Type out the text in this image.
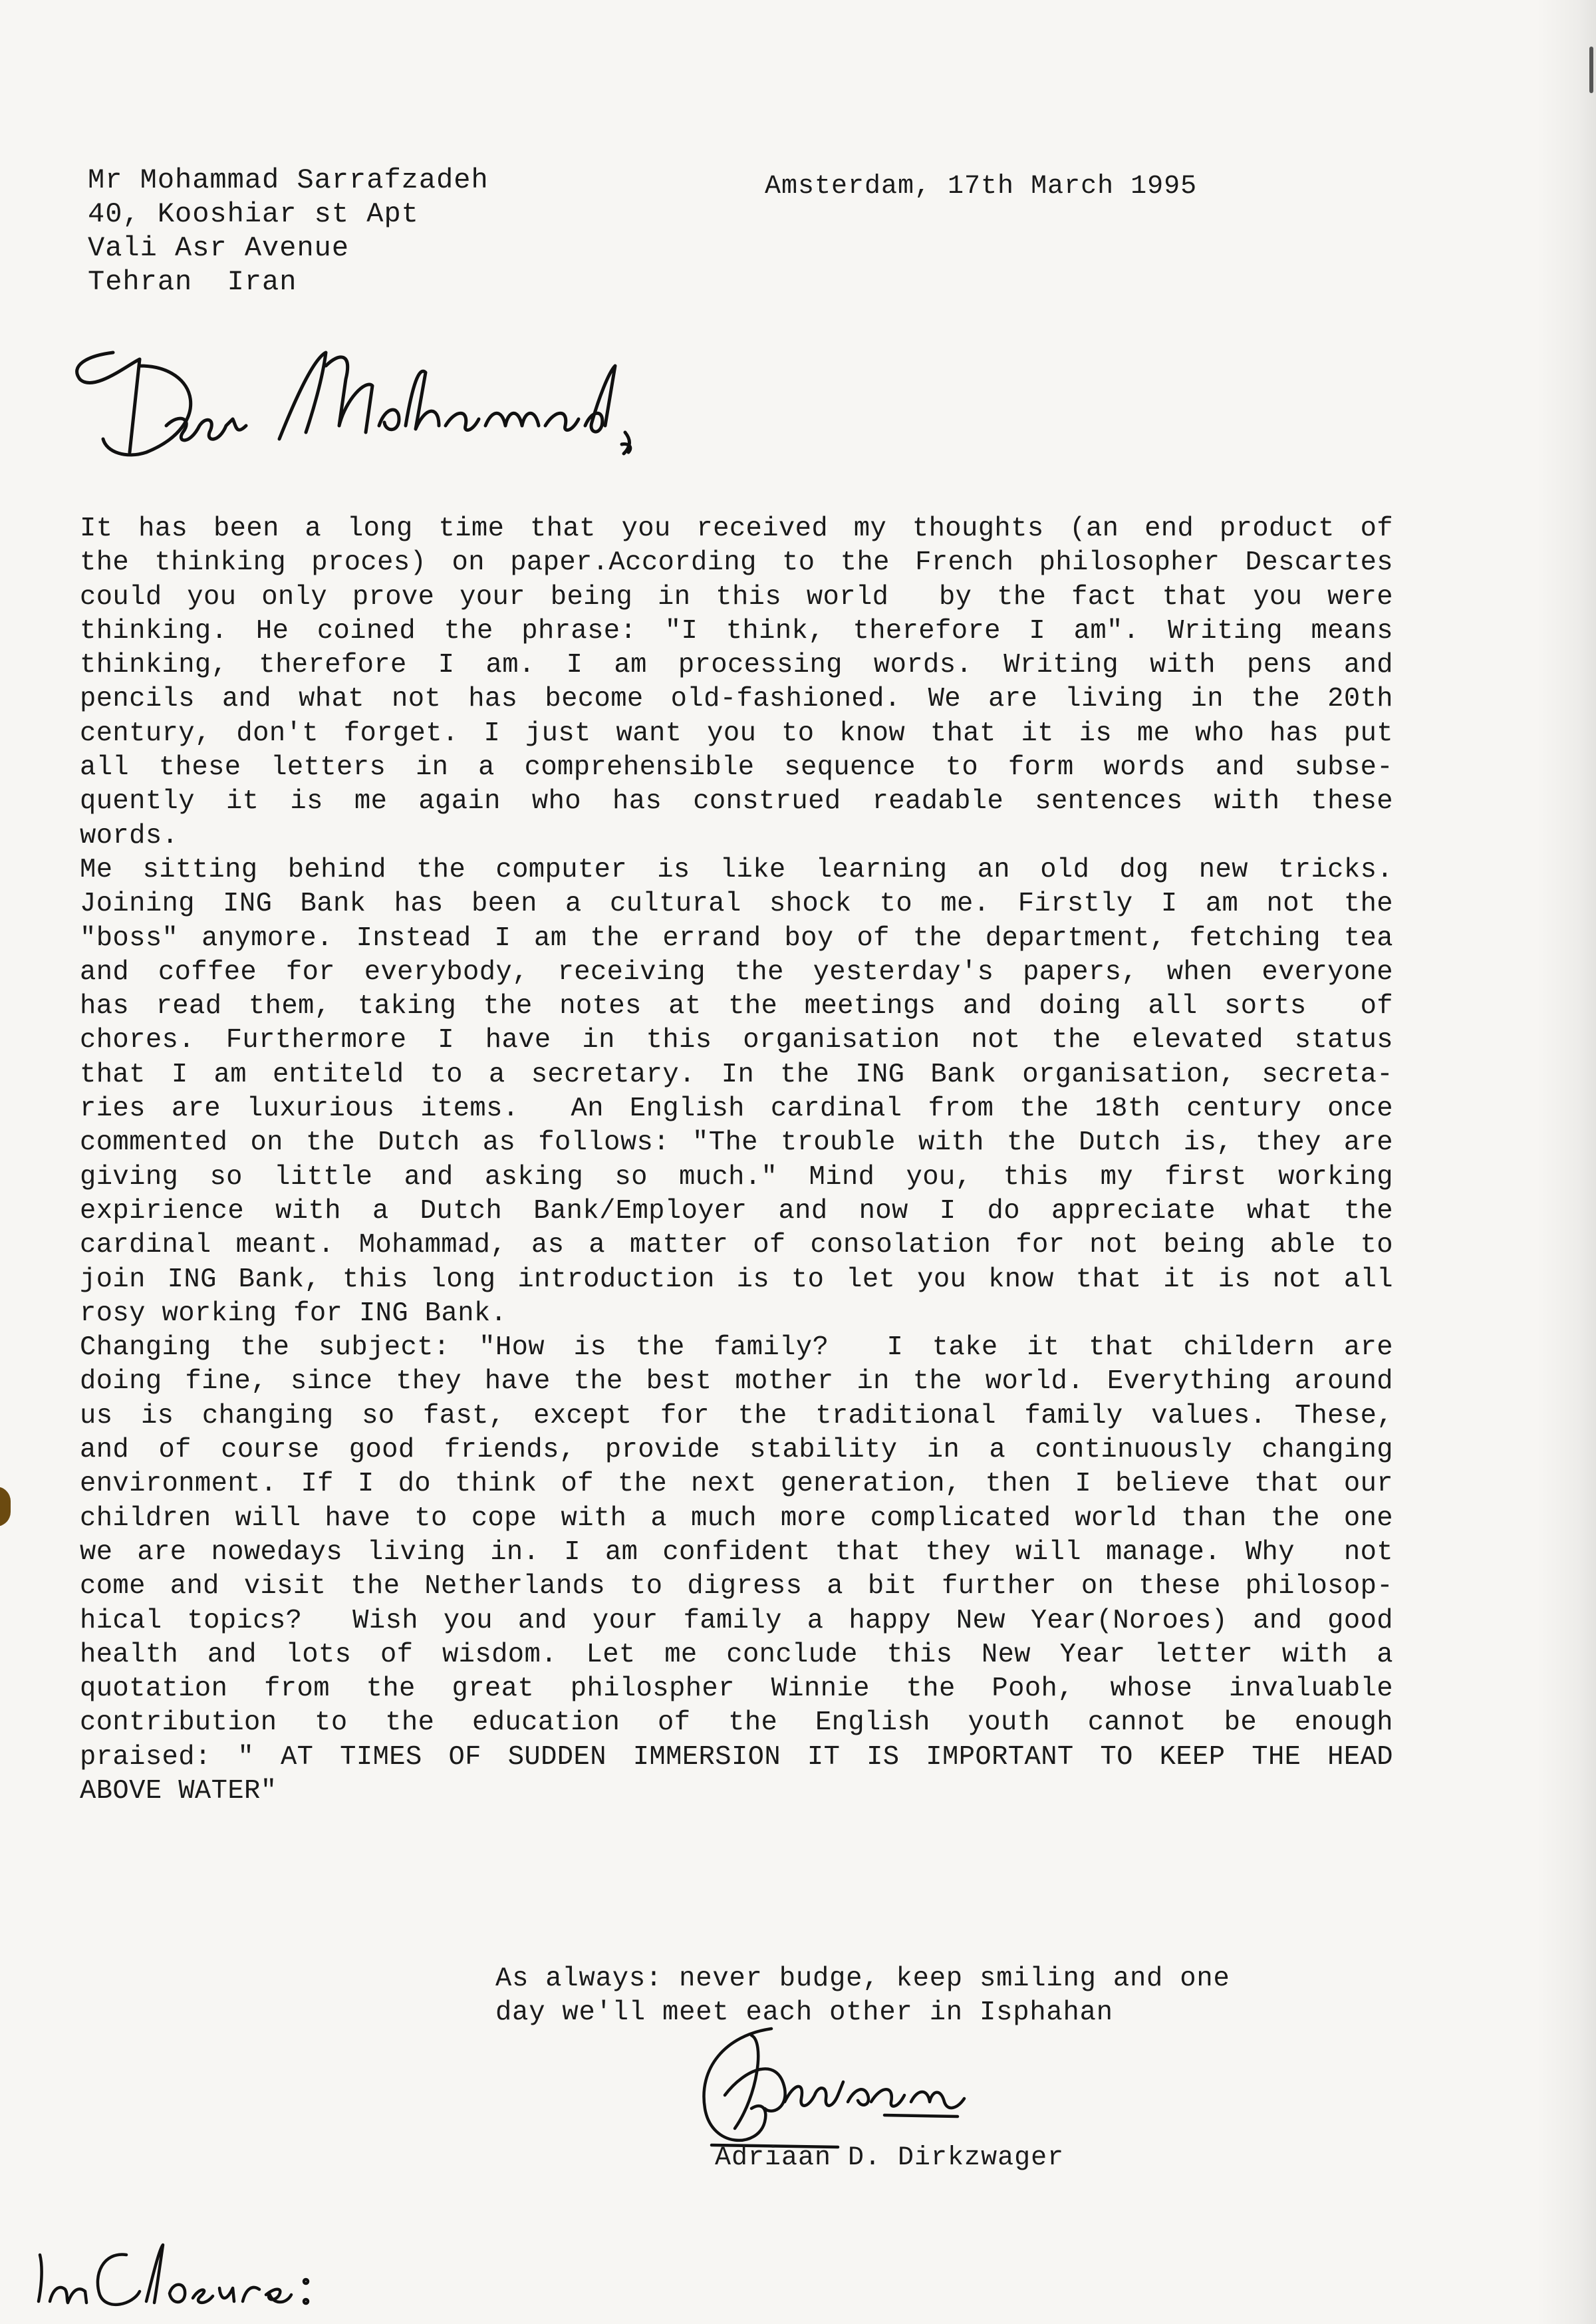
Mr Mohammad Sarrafzadeh
40, Kooshiar st Apt
Vali Asr Avenue
Tehran  Iran
Amsterdam, 17th March 1995
It has been a long time that you received my thoughts (an end product of
the thinking proces) on paper.According to the French philosopher Descartes
could you only prove your being in this world  by the fact that you were
thinking. He coined the phrase: "I think, therefore I am". Writing means
thinking, therefore I am. I am processing words. Writing with pens and
pencils and what not has become old-fashioned. We are living in the 20th
century, don't forget. I just want you to know that it is me who has put
all these letters in a comprehensible sequence to form words and subse-
quently it is me again who has construed readable sentences with these
words.
Me sitting behind the computer is like learning an old dog new tricks.
Joining ING Bank has been a cultural shock to me. Firstly I am not the
"boss" anymore. Instead I am the errand boy of the department, fetching tea
and coffee for everybody, receiving the yesterday's papers, when everyone
has read them, taking the notes at the meetings and doing all sorts  of
chores. Furthermore I have in this organisation not the elevated status
that I am entiteld to a secretary. In the ING Bank organisation, secreta-
ries are luxurious items.  An English cardinal from the 18th century once
commented on the Dutch as follows: "The trouble with the Dutch is, they are
giving so little and asking so much." Mind you, this my first working
expirience with a Dutch Bank/Employer and now I do appreciate what the
cardinal meant. Mohammad, as a matter of consolation for not being able to
join ING Bank, this long introduction is to let you know that it is not all
rosy working for ING Bank.
Changing the subject: "How is the family?  I take it that childern are
doing fine, since they have the best mother in the world. Everything around
us is changing so fast, except for the traditional family values. These,
and of course good friends, provide stability in a continuously changing
environment. If I do think of the next generation, then I believe that our
children will have to cope with a much more complicated world than the one
we are nowedays living in. I am confident that they will manage. Why  not
come and visit the Netherlands to digress a bit further on these philosop-
hical topics?  Wish you and your family a happy New Year(Noroes) and good
health and lots of wisdom. Let me conclude this New Year letter with a
quotation from the great philospher Winnie the Pooh, whose invaluable
contribution to the education of the English youth cannot be enough
praised: " AT TIMES OF SUDDEN IMMERSION IT IS IMPORTANT TO KEEP THE HEAD
ABOVE WATER"
As always: never budge, keep smiling and one
day we'll meet each other in Isphahan
Adriaan D. Dirkzwager
